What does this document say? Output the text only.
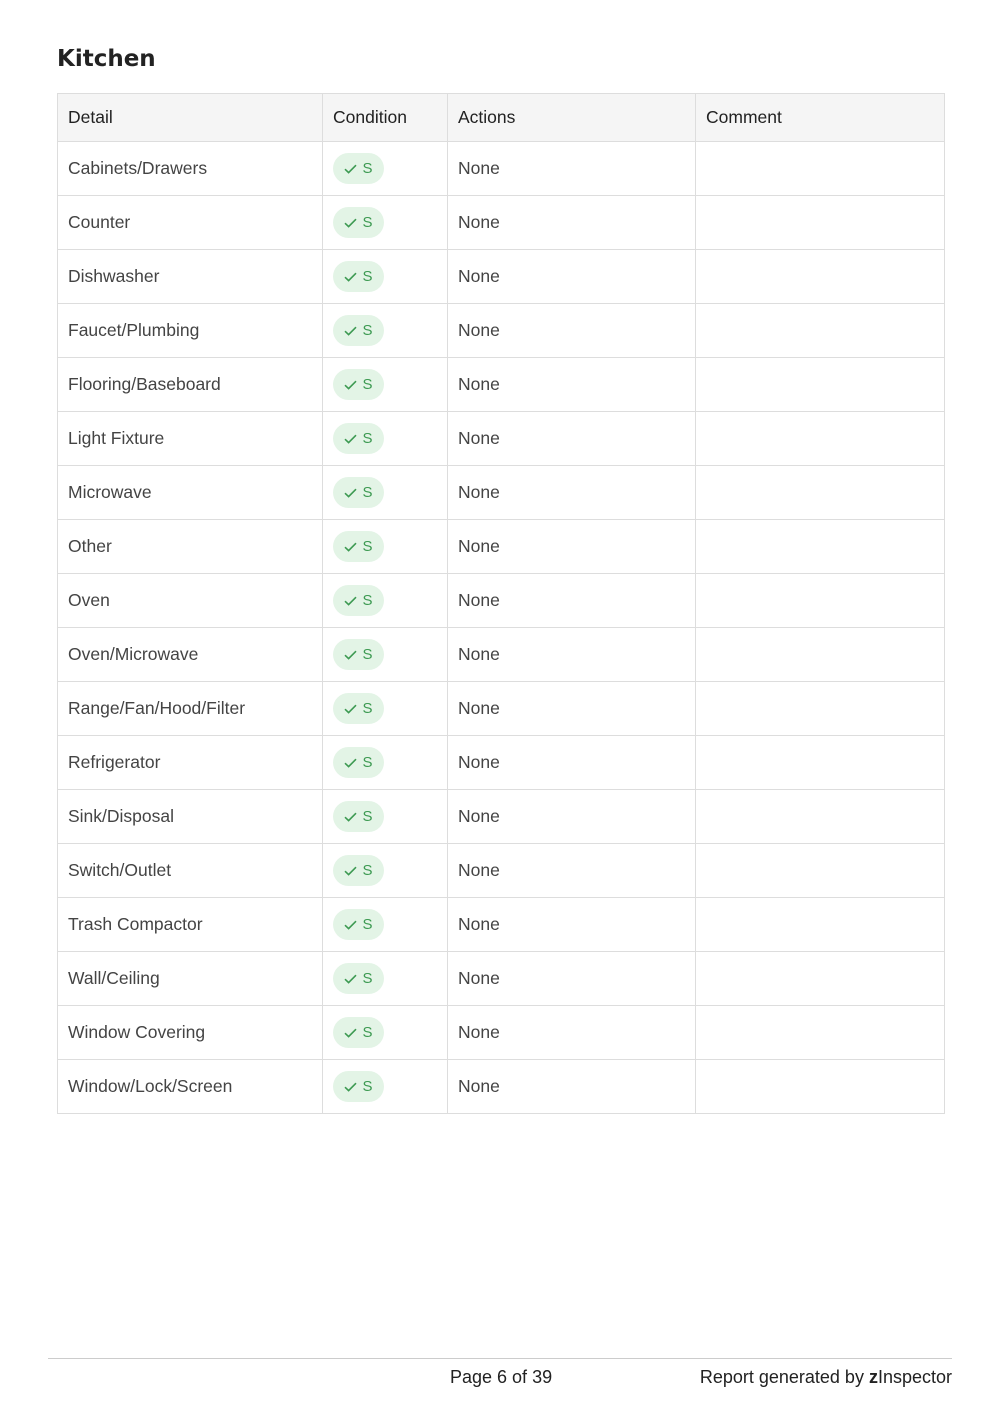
Kitchen
Detail	Condition	Actions	Comment
Cabinets/Drawers	S	None	
Counter	S	None	
Dishwasher	S	None	
Faucet/Plumbing	S	None	
Flooring/Baseboard	S	None	
Light Fixture	S	None	
Microwave	S	None	
Other	S	None	
Oven	S	None	
Oven/Microwave	S	None	
Range/Fan/Hood/Filter	S	None	
Refrigerator	S	None	
Sink/Disposal	S	None	
Switch/Outlet	S	None	
Trash Compactor	S	None	
Wall/Ceiling	S	None	
Window Covering	S	None	
Window/Lock/Screen	S	None	
Page 6 of 39	Report generated by zInspector
